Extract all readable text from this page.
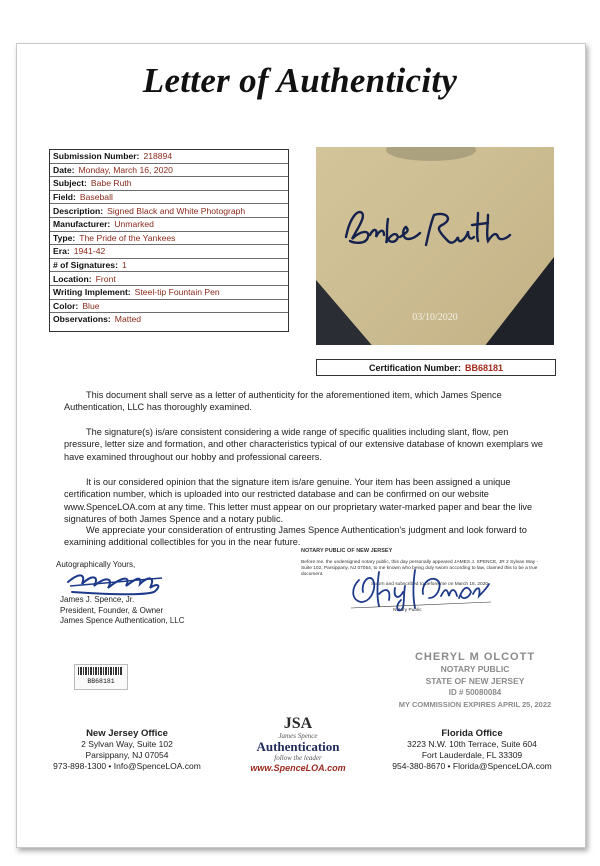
Letter of Authenticity
Submission Number: 218894
Date: Monday, March 16, 2020
Subject: Babe Ruth
Field: Baseball
Description: Signed Black and White Photograph
Manufacturer: Unmarked
Type: The Pride of the Yankees
Era: 1941-42
# of Signatures: 1
Location: Front
Writing Implement: Steel-tip Fountain Pen
Color: Blue
Observations: Matted	03/10/2020
Certification Number: BB68181
This document shall serve as a letter of authenticity for the aforementioned item, which James Spence Authentication, LLC has thoroughly examined.
The signature(s) is/are consistent considering a wide range of specific qualities including slant, flow, pen pressure, letter size and formation, and other characteristics typical of our extensive database of known exemplars we have examined throughout our hobby and professional careers.
It is our considered opinion that the signature item is/are genuine. Your item has been assigned a unique certification number, which is uploaded into our restricted database and can be confirmed on our website www.SpenceLOA.com at any time. This letter must appear on our proprietary water-marked paper and bear the live signatures of both James Spence and a notary public.
We appreciate your consideration of entrusting James Spence Authentication's judgment and look forward to examining additional collectibles for you in the near future.
Autographically Yours,
James J. Spence, Jr.
President, Founder, & Owner
James Spence Authentication, LLC
NOTARY PUBLIC OF NEW JERSEY
Before me, the undersigned notary public, this day personally appeared JAMES J. SPENCE, JR 2 Sylvan Way - Suite 102, Parsippany, NJ 07054, to me known who being duly sworn according to law, claimed this to be a true document.
Sworn and subscribed to before me on March 16, 2020
Notary Public
CHERYL M OLCOTT
NOTARY PUBLIC
STATE OF NEW JERSEY
ID # 50080084
MY COMMISSION EXPIRES APRIL 25, 2022
BB68181
New Jersey Office
2 Sylvan Way, Suite 102
Parsippany, NJ 07054
973-898-1300 • Info@SpenceLOA.com
JSA
James Spence
Authentication
follow the leader
www.SpenceLOA.com
Florida Office
3223 N.W. 10th Terrace, Suite 604
Fort Lauderdale, FL 33309
954-380-8670 • Florida@SpenceLOA.com
